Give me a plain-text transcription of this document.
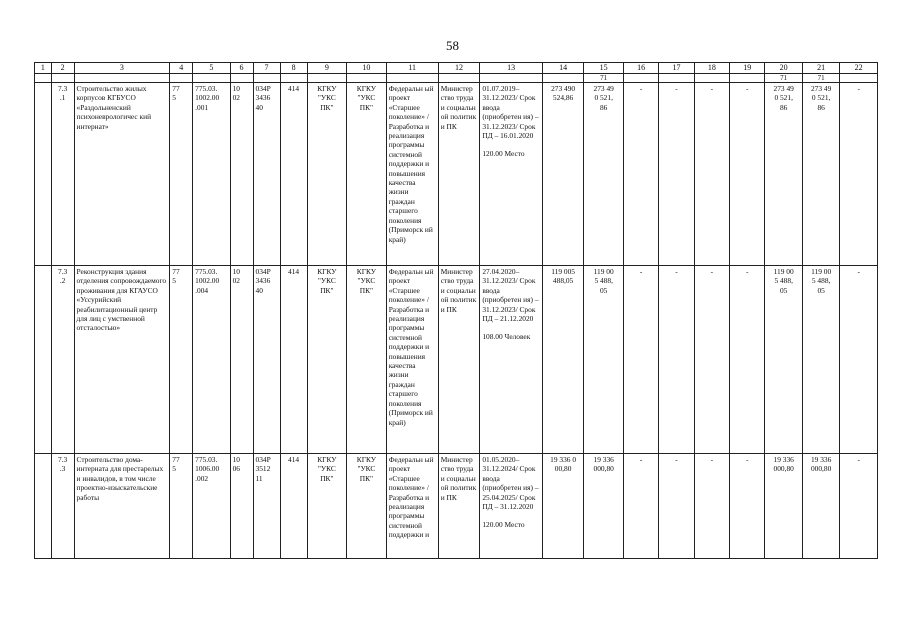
58
1	2	3	4	5	6	7	8	9	10	11	12	13	14	15	16	17	18	19	20	21	22
														71					71	71	
	7.3
.1	Строительство жилых корпусов КГБУСО «Раздольненский психоневрологичес кий интернат»	77
5	775.03.
1002.00
.001	10
02	034Р
3436
40	414	КГКУ
"УКС
ПК"	КГКУ
"УКС
ПК"	Федеральн ый проект «Старшее поколение» /Разработка и реализация программы системной поддержки и повышения качества жизни граждан старшего поколения (Приморск ий край)	Министер ство труда и социальн ой политик и ПК	01.07.2019–31.12.2023/ Срок ввода (приобретен ия) – 31.12.2023/ Срок ПД – 16.01.2020
120.00 Место	273 490
524,86	273 49
0 521,
86	-	-	-	-	273 49
0 521,
86	273 49
0 521,
86	-
	7.3
.2	Реконструкция здания отделения сопровождаемого проживания для КГАУСО «Уссурийский реабилитационный центр для лиц с умственной отсталостью»	77
5	775.03.
1002.00
.004	10
02	034Р
3436
40	414	КГКУ
"УКС
ПК"	КГКУ
"УКС
ПК"	Федеральн ый проект «Старшее поколение» /Разработка и реализация программы системной поддержки и повышения качества жизни граждан старшего поколения (Приморск ий край)	Министер ство труда и социальн ой политик и ПК	27.04.2020–31.12.2023/ Срок ввода (приобретен ия) – 31.12.2023/ Срок ПД – 21.12.2020
108.00 Человек	119 005
488,05	119 00
5 488,
05	-	-	-	-	119 00
5 488,
05	119 00
5 488,
05	-
	7.3
.3	Строительство дома-интерната для престарелых и инвалидов, в том числе проектно-изыскательские работы	77
5	775.03.
1006.00
.002	10
06	034Р
3512
11	414	КГКУ
"УКС
ПК"	КГКУ
"УКС
ПК"	Федеральн ый проект «Старшее поколение» /Разработка и реализация программы системной поддержки и	Министер ство труда и социальн ой политик и ПК	01.05.2020–31.12.2024/ Срок ввода (приобретен ия) – 25.04.2025/ Срок ПД – 31.12.2020
120.00 Место	19 336 0
00,80	19 336
000,80	-	-	-	-	19 336
000,80	19 336
000,80	-
